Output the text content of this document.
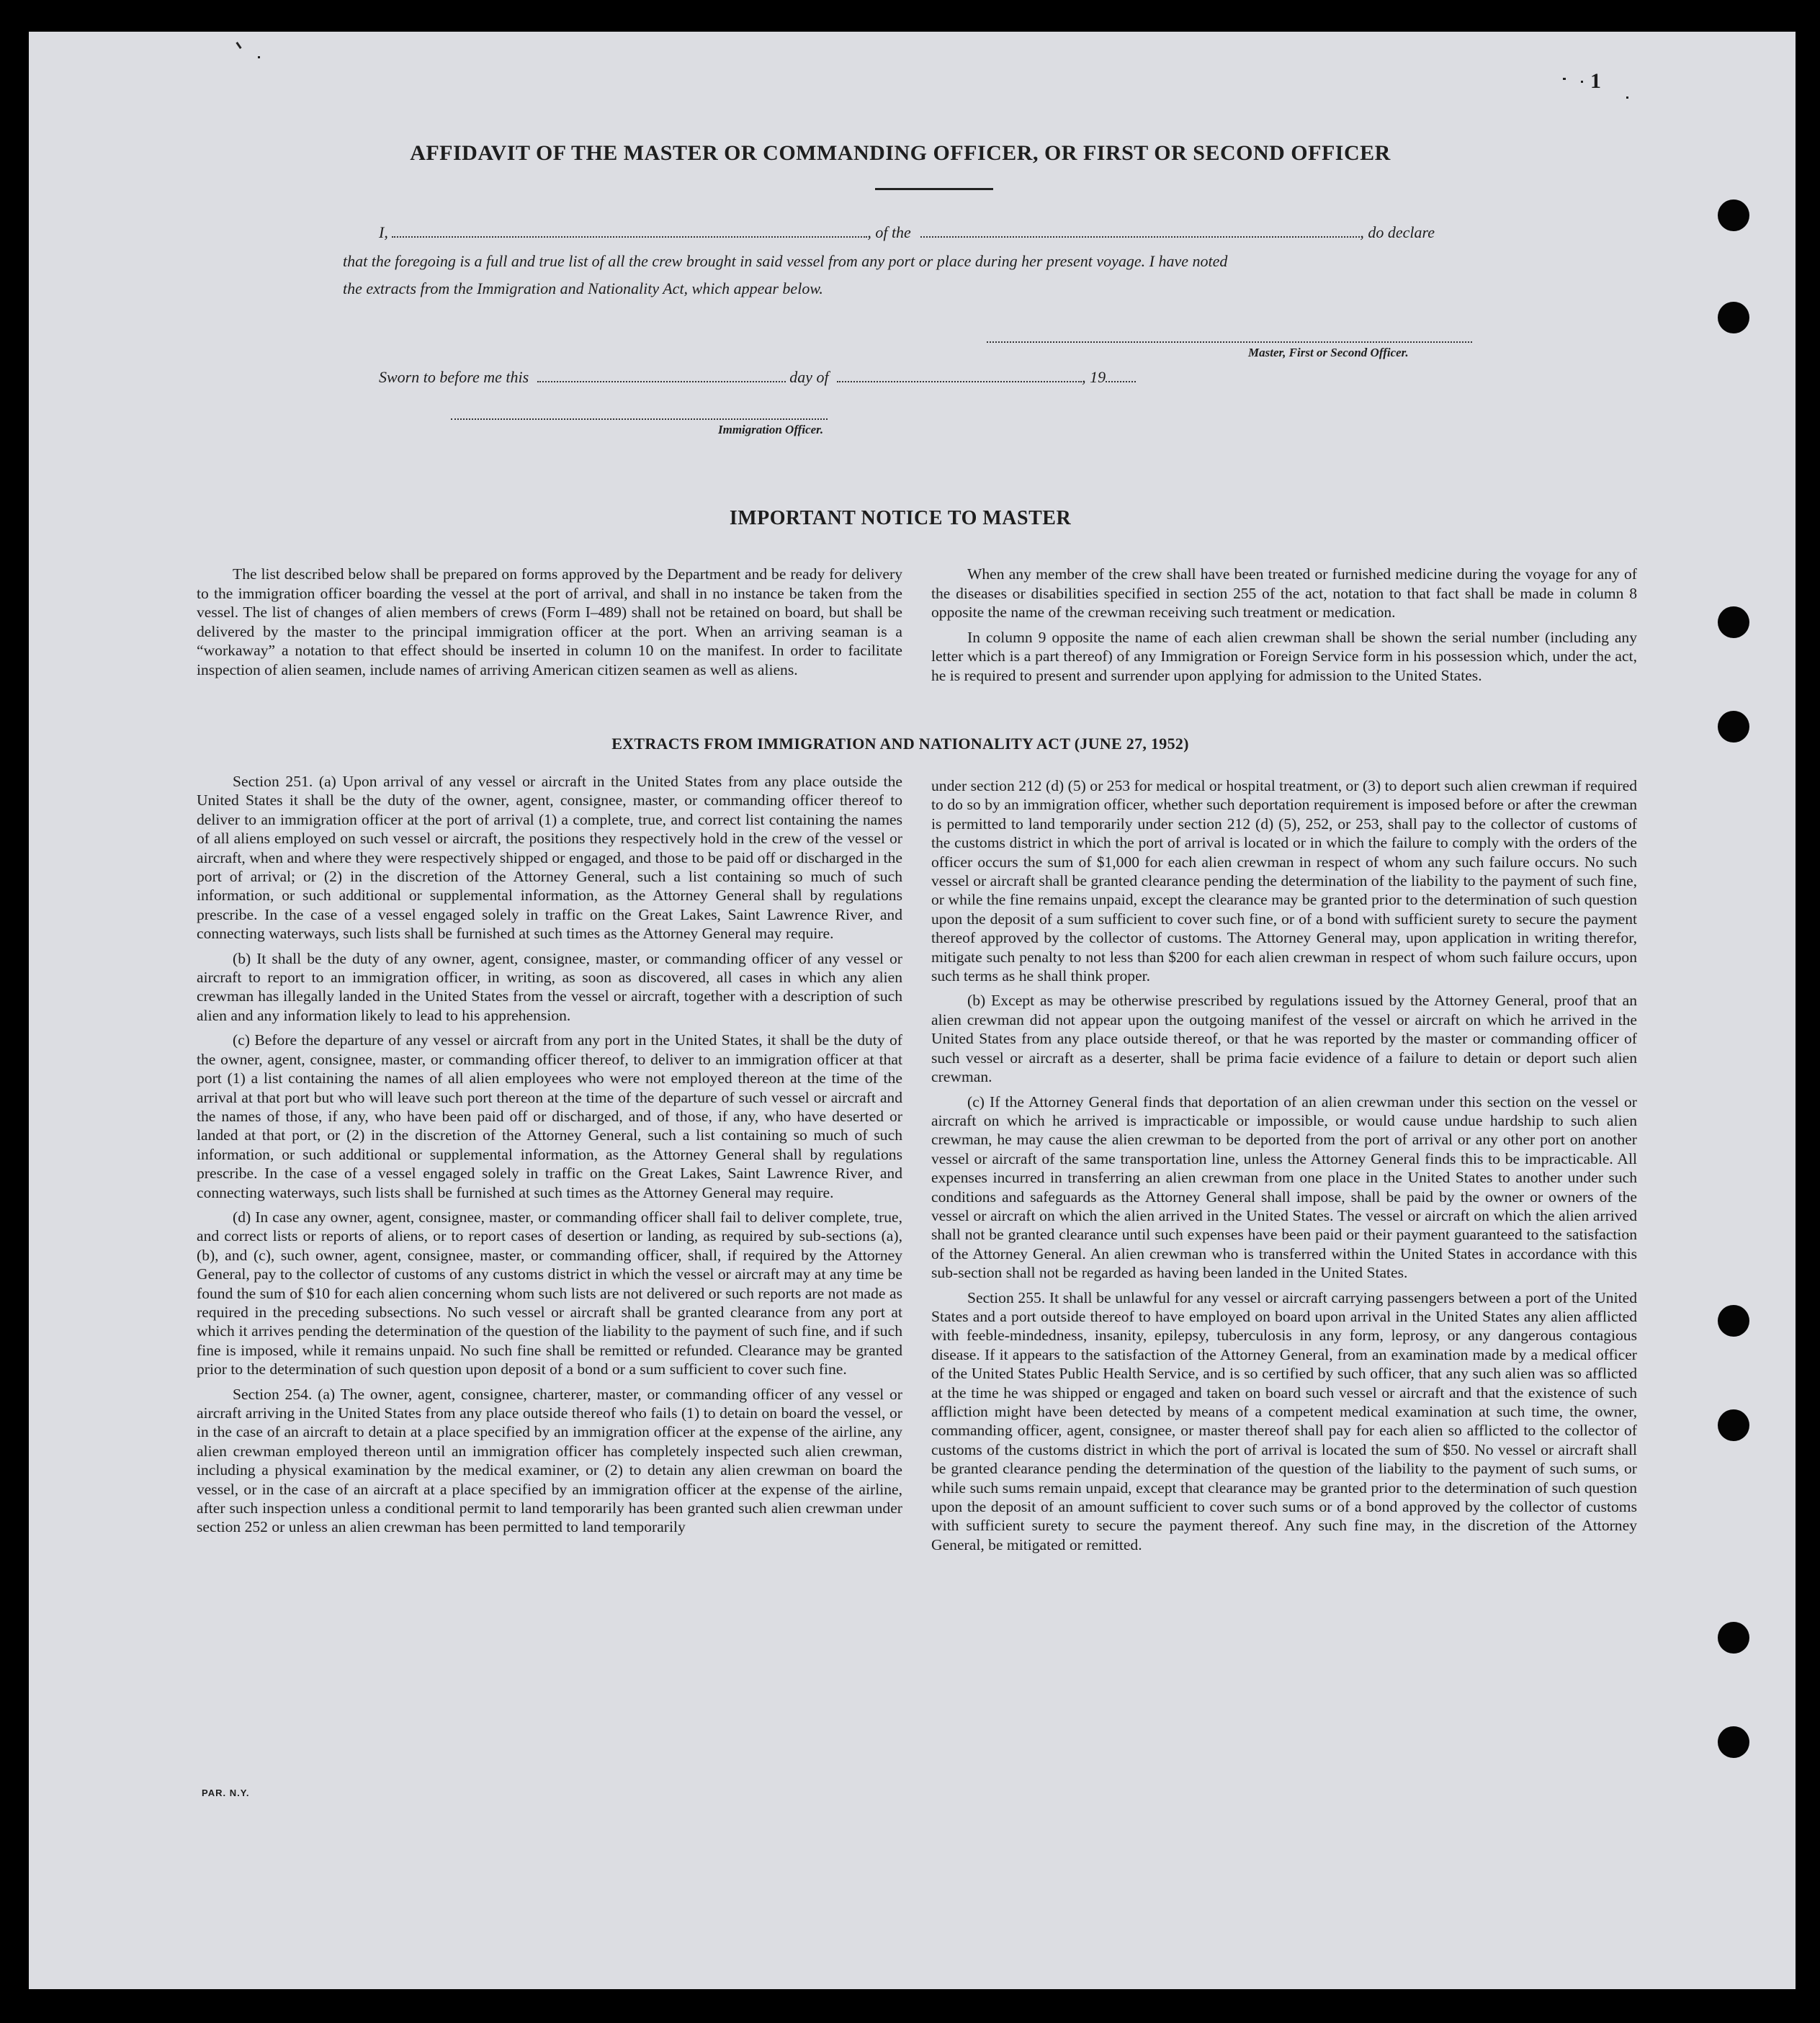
1
AFFIDAVIT OF THE MASTER OR COMMANDING OFFICER, OR FIRST OR SECOND OFFICER
I,	, of the	, do declare
that the foregoing is a full and true list of all the crew brought in said vessel from any port or place during her present voyage. I have noted
the extracts from the Immigration and Nationality Act, which appear below.
Master, First or Second Officer.
Sworn to before me this	day of	, 19
Immigration Officer.
IMPORTANT NOTICE TO MASTER

The list described below shall be prepared on forms approved by the Department and be ready for delivery to the immigration officer boarding the vessel at the port of arrival, and shall in no instance be taken from the vessel. The list of changes of alien members of crews (Form I–489) shall not be retained on board, but shall be delivered by the master to the principal immigration officer at the port. When an arriving seaman is a “workaway” a notation to that effect should be inserted in column 10 on the manifest. In order to facilitate inspection of alien seamen, include names of arriving American citizen seamen as well as aliens.

When any member of the crew shall have been treated or furnished medicine during the voyage for any of the diseases or disabilities specified in section 255 of the act, notation to that fact shall be made in column 8 opposite the name of the crewman receiving such treatment or medication.

In column 9 opposite the name of each alien crewman shall be shown the serial number (including any letter which is a part thereof) of any Immigration or Foreign Service form in his possession which, under the act, he is required to present and surrender upon applying for admission to the United States.

EXTRACTS FROM IMMIGRATION AND NATIONALITY ACT (JUNE 27, 1952)

Section 251. (a) Upon arrival of any vessel or aircraft in the United States from any place outside the United States it shall be the duty of the owner, agent, consignee, master, or commanding officer thereof to deliver to an immigration officer at the port of arrival (1) a complete, true, and correct list containing the names of all aliens employed on such vessel or aircraft, the positions they respectively hold in the crew of the vessel or aircraft, when and where they were respectively shipped or engaged, and those to be paid off or discharged in the port of arrival; or (2) in the discretion of the Attorney General, such a list containing so much of such information, or such additional or supplemental information, as the Attorney General shall by regulations prescribe. In the case of a vessel engaged solely in traffic on the Great Lakes, Saint Lawrence River, and connecting waterways, such lists shall be furnished at such times as the Attorney General may require.

(b) It shall be the duty of any owner, agent, consignee, master, or commanding officer of any vessel or aircraft to report to an immigration officer, in writing, as soon as discovered, all cases in which any alien crewman has illegally landed in the United States from the vessel or aircraft, together with a description of such alien and any information likely to lead to his apprehension.

(c) Before the departure of any vessel or aircraft from any port in the United States, it shall be the duty of the owner, agent, consignee, master, or commanding officer thereof, to deliver to an immigration officer at that port (1) a list containing the names of all alien employees who were not employed thereon at the time of the arrival at that port but who will leave such port thereon at the time of the departure of such vessel or aircraft and the names of those, if any, who have been paid off or discharged, and of those, if any, who have deserted or landed at that port, or (2) in the discretion of the Attorney General, such a list containing so much of such information, or such additional or supplemental information, as the Attorney General shall by regulations prescribe. In the case of a vessel engaged solely in traffic on the Great Lakes, Saint Lawrence River, and connecting waterways, such lists shall be furnished at such times as the Attorney General may require.

(d) In case any owner, agent, consignee, master, or commanding officer shall fail to deliver complete, true, and correct lists or reports of aliens, or to report cases of desertion or landing, as required by sub-sections (a), (b), and (c), such owner, agent, consignee, master, or commanding officer, shall, if required by the Attorney General, pay to the collector of customs of any customs district in which the vessel or aircraft may at any time be found the sum of $10 for each alien concerning whom such lists are not delivered or such reports are not made as required in the preceding subsections. No such vessel or aircraft shall be granted clearance from any port at which it arrives pending the determination of the question of the liability to the payment of such fine, and if such fine is imposed, while it remains unpaid. No such fine shall be remitted or refunded. Clearance may be granted prior to the determination of such question upon deposit of a bond or a sum sufficient to cover such fine.

Section 254. (a) The owner, agent, consignee, charterer, master, or commanding officer of any vessel or aircraft arriving in the United States from any place outside thereof who fails (1) to detain on board the vessel, or in the case of an aircraft to detain at a place specified by an immigration officer at the expense of the airline, any alien crewman employed thereon until an immigration officer has completely inspected such alien crewman, including a physical examination by the medical examiner, or (2) to detain any alien crewman on board the vessel, or in the case of an aircraft at a place specified by an immigration officer at the expense of the airline, after such inspection unless a conditional permit to land temporarily has been granted such alien crewman under section 252 or unless an alien crewman has been permitted to land temporarily

under section 212 (d) (5) or 253 for medical or hospital treatment, or (3) to deport such alien crewman if required to do so by an immigration officer, whether such deportation requirement is imposed before or after the crewman is permitted to land temporarily under section 212 (d) (5), 252, or 253, shall pay to the collector of customs of the customs district in which the port of arrival is located or in which the failure to comply with the orders of the officer occurs the sum of $1,000 for each alien crewman in respect of whom any such failure occurs. No such vessel or aircraft shall be granted clearance pending the determination of the liability to the payment of such fine, or while the fine remains unpaid, except the clearance may be granted prior to the determination of such question upon the deposit of a sum sufficient to cover such fine, or of a bond with sufficient surety to secure the payment thereof approved by the collector of customs. The Attorney General may, upon application in writing therefor, mitigate such penalty to not less than $200 for each alien crewman in respect of whom such failure occurs, upon such terms as he shall think proper.

(b) Except as may be otherwise prescribed by regulations issued by the Attorney General, proof that an alien crewman did not appear upon the outgoing manifest of the vessel or aircraft on which he arrived in the United States from any place outside thereof, or that he was reported by the master or commanding officer of such vessel or aircraft as a deserter, shall be prima facie evidence of a failure to detain or deport such alien crewman.

(c) If the Attorney General finds that deportation of an alien crewman under this section on the vessel or aircraft on which he arrived is impracticable or impossible, or would cause undue hardship to such alien crewman, he may cause the alien crewman to be deported from the port of arrival or any other port on another vessel or aircraft of the same transportation line, unless the Attorney General finds this to be impracticable. All expenses incurred in transferring an alien crewman from one place in the United States to another under such conditions and safeguards as the Attorney General shall impose, shall be paid by the owner or owners of the vessel or aircraft on which the alien arrived in the United States. The vessel or aircraft on which the alien arrived shall not be granted clearance until such expenses have been paid or their payment guaranteed to the satisfaction of the Attorney General. An alien crewman who is transferred within the United States in accordance with this sub-section shall not be regarded as having been landed in the United States.

Section 255. It shall be unlawful for any vessel or aircraft carrying passengers between a port of the United States and a port outside thereof to have employed on board upon arrival in the United States any alien afflicted with feeble-mindedness, insanity, epilepsy, tuberculosis in any form, leprosy, or any dangerous contagious disease. If it appears to the satisfaction of the Attorney General, from an examination made by a medical officer of the United States Public Health Service, and is so certified by such officer, that any such alien was so afflicted at the time he was shipped or engaged and taken on board such vessel or aircraft and that the existence of such affliction might have been detected by means of a competent medical examination at such time, the owner, commanding officer, agent, consignee, or master thereof shall pay for each alien so afflicted to the collector of customs of the customs district in which the port of arrival is located the sum of $50. No vessel or aircraft shall be granted clearance pending the determination of the question of the liability to the payment of such sums, or while such sums remain unpaid, except that clearance may be granted prior to the determination of such question upon the deposit of an amount sufficient to cover such sums or of a bond approved by the collector of customs with sufficient surety to secure the payment thereof. Any such fine may, in the discretion of the Attorney General, be mitigated or remitted.

PAR. N.Y.
